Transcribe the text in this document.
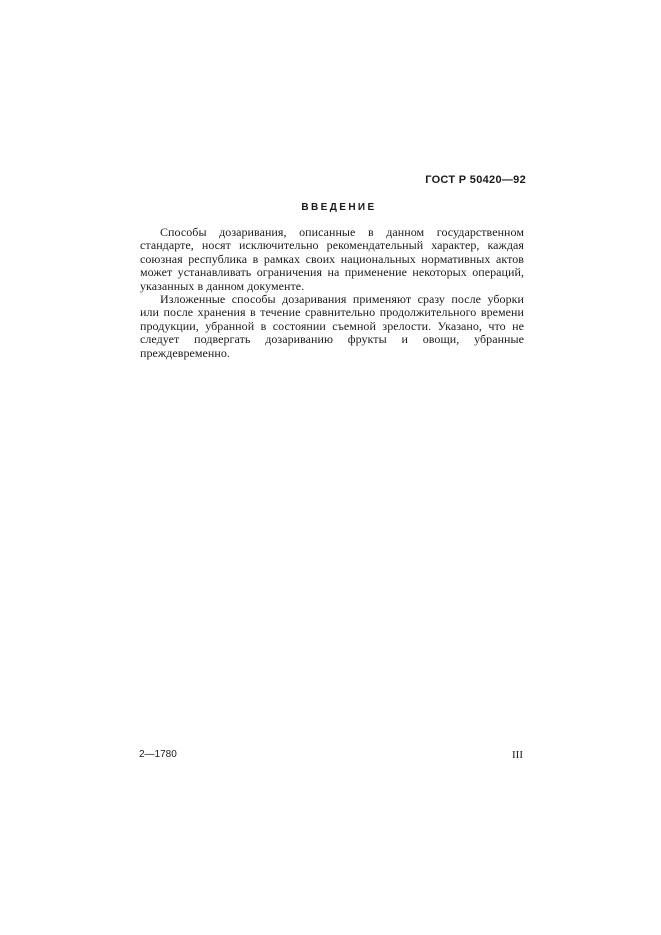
ГОСТ Р 50420—92
ВВЕДЕНИЕ

Способы дозаривания, описанные в данном государственном стандарте, носят исключительно рекомендательный характер, каждая союзная республика в рамках своих национальных нормативных актов может устанавливать ограничения на применение некоторых операций, указанных в данном документе.

Изложенные способы дозаривания применяют сразу после уборки или после хранения в течение сравнительно продолжительного времени продукции, убранной в состоянии съемной зрелости. Указано, что не следует подвергать дозариванию фрукты и овощи, убранные преждевременно.

2—1780	III
